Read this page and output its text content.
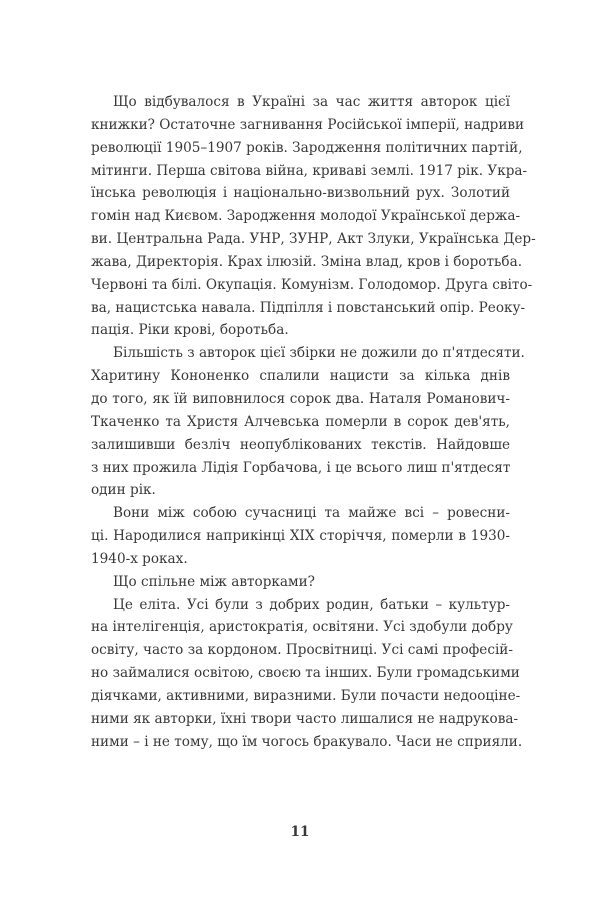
Що відбувалося в Україні за час життя авторок цієї
книжки? Остаточне загнивання Російської імперії, надриви
революції 1905–1907 років. Зародження політичних партій,
мітинги. Перша світова війна, криваві землі. 1917 рік. Укра-
їнська революція і національно-визвольний рух. Золотий
гомін над Києвом. Зародження молодої Української держа-
ви. Центральна Рада. УНР, ЗУНР, Акт Злуки, Українська Дер-
жава, Директорія. Крах ілюзій. Зміна влад, кров і боротьба.
Червоні та білі. Окупація. Комунізм. Голодомор. Друга світо-
ва, нацистська навала. Підпілля і повстанський опір. Реоку-
пація. Ріки крові, боротьба.
Більшість з авторок цієї збірки не дожили до п'ятдесяти.
Харитину Кононенко спалили нацисти за кілька днів
до того, як їй виповнилося сорок два. Наталя Романович-
Ткаченко та Христя Алчевська померли в сорок дев'ять,
залишивши безліч неопублікованих текстів. Найдовше
з них прожила Лідія Горбачова, і це всього лиш п'ятдесят
один рік.
Вони між собою сучасниці та майже всі – ровесни-
ці. Народилися наприкінці XIX сторіччя, померли в 1930-
1940-х роках.
Що спільне між авторками?
Це еліта. Усі були з добрих родин, батьки – культур-
на інтелігенція, аристократія, освітяни. Усі здобули добру
освіту, часто за кордоном. Просвітниці. Усі самі професій-
но займалися освітою, своєю та інших. Були громадськими
діячками, активними, виразними. Були почасти недооціне-
ними як авторки, їхні твори часто лишалися не надрукова-
ними – і не тому, що їм чогось бракувало. Часи не сприяли.
11
